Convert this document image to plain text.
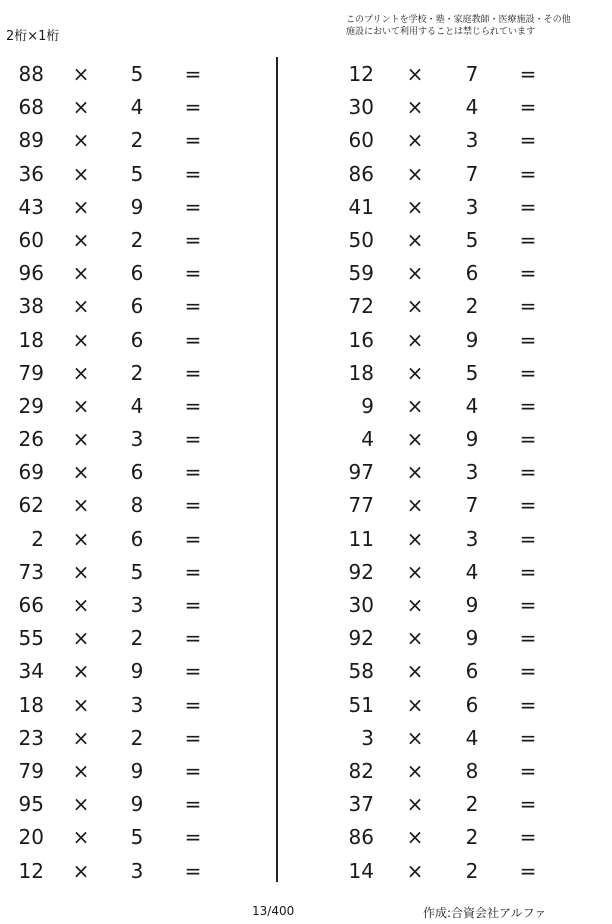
2桁×1桁
このプリントを学校・塾・家庭教師・医療施設・その他
施設において利用することは禁じられています
88 ×	5	=
68 ×	4	=
89 ×	2	=
36 ×	5	=
43 ×	9	=
60 ×	2	=
96 ×	6	=
38 ×	6	=
18 ×	6	=
79 ×	2	=
29 ×	4	=
26 ×	3	=
69 ×	6	=
62 ×	8	=
2 ×	6	=
73 ×	5	=
66 ×	3	=
55 ×	2	=
34 ×	9	=
18 ×	3	=
23 ×	2	=
79 ×	9	=
95 ×	9	=
20 ×	5	=
12 ×	3	=
12 ×	7	=
30 ×	4	=
60 ×	3	=
86 ×	7	=
41 ×	3	=
50 ×	5	=
59 ×	6	=
72 ×	2	=
16 ×	9	=
18 ×	5	=
9 ×	4	=
4 ×	9	=
97 ×	3	=
77 ×	7	=
11 ×	3	=
92 ×	4	=
30 ×	9	=
92 ×	9	=
58 ×	6	=
51 ×	6	=
3 ×	4	=
82 ×	8	=
37 ×	2	=
86 ×	2	=
14 ×	2	=
13/400	作成:合資会社アルファ
